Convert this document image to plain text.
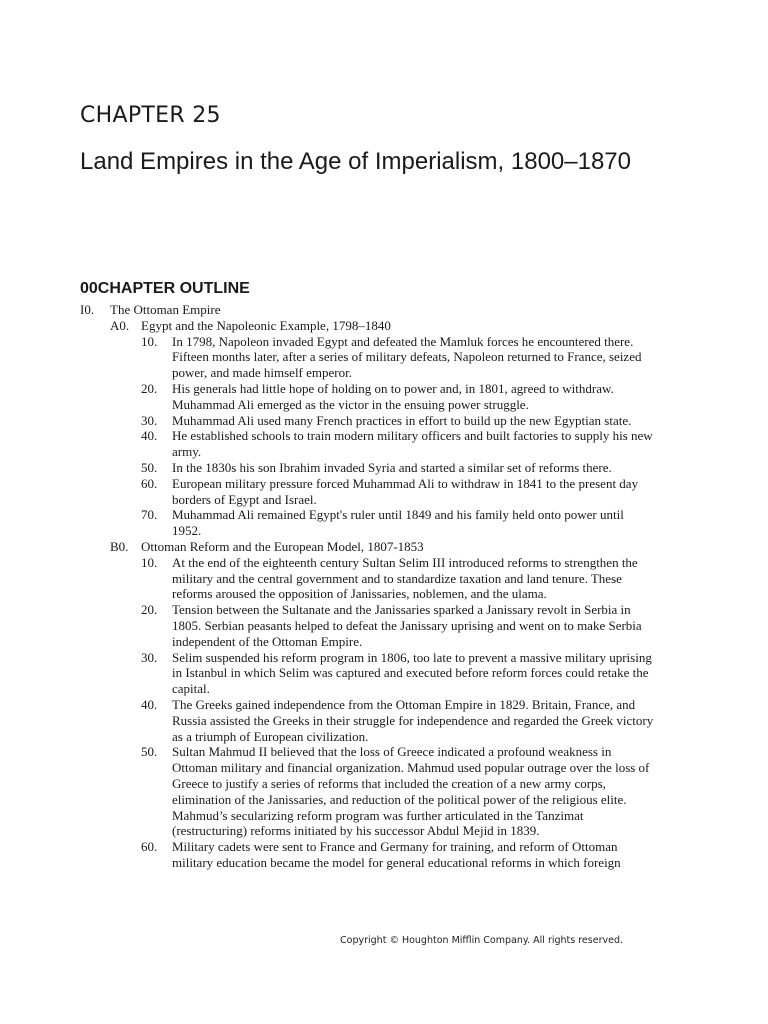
CHAPTER 25
Land Empires in the Age of Imperialism, 1800–1870
00CHAPTER OUTLINE
I0. The Ottoman Empire
A0. Egypt and the Napoleonic Example, 1798–1840
10. In 1798, Napoleon invaded Egypt and defeated the Mamluk forces he encountered there. Fifteen months later, after a series of military defeats, Napoleon returned to France, seized power, and made himself emperor.
20. His generals had little hope of holding on to power and, in 1801, agreed to withdraw. Muhammad Ali emerged as the victor in the ensuing power struggle.
30. Muhammad Ali used many French practices in effort to build up the new Egyptian state.
40. He established schools to train modern military officers and built factories to supply his new army.
50. In the 1830s his son Ibrahim invaded Syria and started a similar set of reforms there.
60. European military pressure forced Muhammad Ali to withdraw in 1841 to the present day borders of Egypt and Israel.
70. Muhammad Ali remained Egypt's ruler until 1849 and his family held onto power until 1952.
B0. Ottoman Reform and the European Model, 1807-1853
10. At the end of the eighteenth century Sultan Selim III introduced reforms to strengthen the military and the central government and to standardize taxation and land tenure. These reforms aroused the opposition of Janissaries, noblemen, and the ulama.
20. Tension between the Sultanate and the Janissaries sparked a Janissary revolt in Serbia in 1805. Serbian peasants helped to defeat the Janissary uprising and went on to make Serbia independent of the Ottoman Empire.
30. Selim suspended his reform program in 1806, too late to prevent a massive military uprising in Istanbul in which Selim was captured and executed before reform forces could retake the capital.
40. The Greeks gained independence from the Ottoman Empire in 1829. Britain, France, and Russia assisted the Greeks in their struggle for independence and regarded the Greek victory as a triumph of European civilization.
50. Sultan Mahmud II believed that the loss of Greece indicated a profound weakness in Ottoman military and financial organization. Mahmud used popular outrage over the loss of Greece to justify a series of reforms that included the creation of a new army corps, elimination of the Janissaries, and reduction of the political power of the religious elite. Mahmud’s secularizing reform program was further articulated in the Tanzimat (restructuring) reforms initiated by his successor Abdul Mejid in 1839.
60. Military cadets were sent to France and Germany for training, and reform of Ottoman military education became the model for general educational reforms in which foreign
Copyright © Houghton Mifflin Company. All rights reserved.
